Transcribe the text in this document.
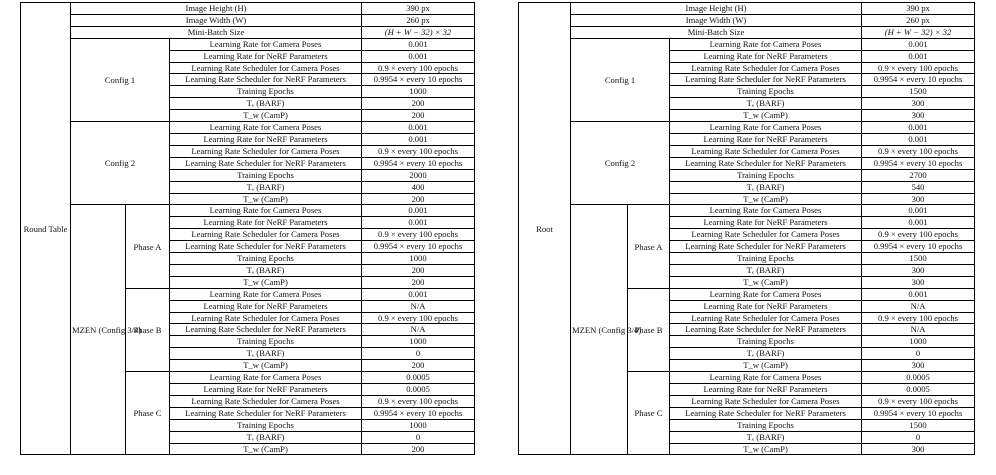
Round Table	Image Height (H)			390 px
	Image Width (W)			260 px
	Mini-Batch Size			(H + W − 32) × 32
	Config 1		Learning Rate for Camera Poses	0.001
			Learning Rate for NeRF Parameters	0.001
			Learning Rate Scheduler for Camera Poses	0.9 × every 100 epochs
			Learning Rate Scheduler for NeRF Parameters	0.9954 × every 10 epochs
			Training Epochs	1000
			Tₑ (BARF)	200
			T_w (CamP)	200
	Config 2		Learning Rate for Camera Poses	0.001
			Learning Rate for NeRF Parameters	0.001
			Learning Rate Scheduler for Camera Poses	0.9 × every 100 epochs
			Learning Rate Scheduler for NeRF Parameters	0.9954 × every 10 epochs
			Training Epochs	2000
			Tₑ (BARF)	400
			T_w (CamP)	200
	MZEN (Config 3/4)	Phase A	Learning Rate for Camera Poses	0.001
			Learning Rate for NeRF Parameters	0.001
			Learning Rate Scheduler for Camera Poses	0.9 × every 100 epochs
			Learning Rate Scheduler for NeRF Parameters	0.9954 × every 10 epochs
			Training Epochs	1000
			Tₑ (BARF)	200
			T_w (CamP)	200
		Phase B	Learning Rate for Camera Poses	0.001
			Learning Rate for NeRF Parameters	N/A
			Learning Rate Scheduler for Camera Poses	0.9 × every 100 epochs
			Learning Rate Scheduler for NeRF Parameters	N/A
			Training Epochs	1000
			Tₑ (BARF)	0
			T_w (CamP)	200
		Phase C	Learning Rate for Camera Poses	0.0005
			Learning Rate for NeRF Parameters	0.0005
			Learning Rate Scheduler for Camera Poses	0.9 × every 100 epochs
			Learning Rate Scheduler for NeRF Parameters	0.9954 × every 10 epochs
			Training Epochs	1000
			Tₑ (BARF)	0
			T_w (CamP)	200
Root	Image Height (H)			390 px
	Image Width (W)			260 px
	Mini-Batch Size			(H + W − 32) × 32
	Config 1		Learning Rate for Camera Poses	0.001
			Learning Rate for NeRF Parameters	0.001
			Learning Rate Scheduler for Camera Poses	0.9 × every 100 epochs
			Learning Rate Scheduler for NeRF Parameters	0.9954 × every 10 epochs
			Training Epochs	1500
			Tₑ (BARF)	300
			T_w (CamP)	300
	Config 2		Learning Rate for Camera Poses	0.001
			Learning Rate for NeRF Parameters	0.001
			Learning Rate Scheduler for Camera Poses	0.9 × every 100 epochs
			Learning Rate Scheduler for NeRF Parameters	0.9954 × every 10 epochs
			Training Epochs	2700
			Tₑ (BARF)	540
			T_w (CamP)	300
	MZEN (Config 3/4)	Phase A	Learning Rate for Camera Poses	0.001
			Learning Rate for NeRF Parameters	0.001
			Learning Rate Scheduler for Camera Poses	0.9 × every 100 epochs
			Learning Rate Scheduler for NeRF Parameters	0.9954 × every 10 epochs
			Training Epochs	1500
			Tₑ (BARF)	300
			T_w (CamP)	300
		Phase B	Learning Rate for Camera Poses	0.001
			Learning Rate for NeRF Parameters	N/A
			Learning Rate Scheduler for Camera Poses	0.9 × every 100 epochs
			Learning Rate Scheduler for NeRF Parameters	N/A
			Training Epochs	1000
			Tₑ (BARF)	0
			T_w (CamP)	300
		Phase C	Learning Rate for Camera Poses	0.0005
			Learning Rate for NeRF Parameters	0.0005
			Learning Rate Scheduler for Camera Poses	0.9 × every 100 epochs
			Learning Rate Scheduler for NeRF Parameters	0.9954 × every 10 epochs
			Training Epochs	1500
			Tₑ (BARF)	0
			T_w (CamP)	300
